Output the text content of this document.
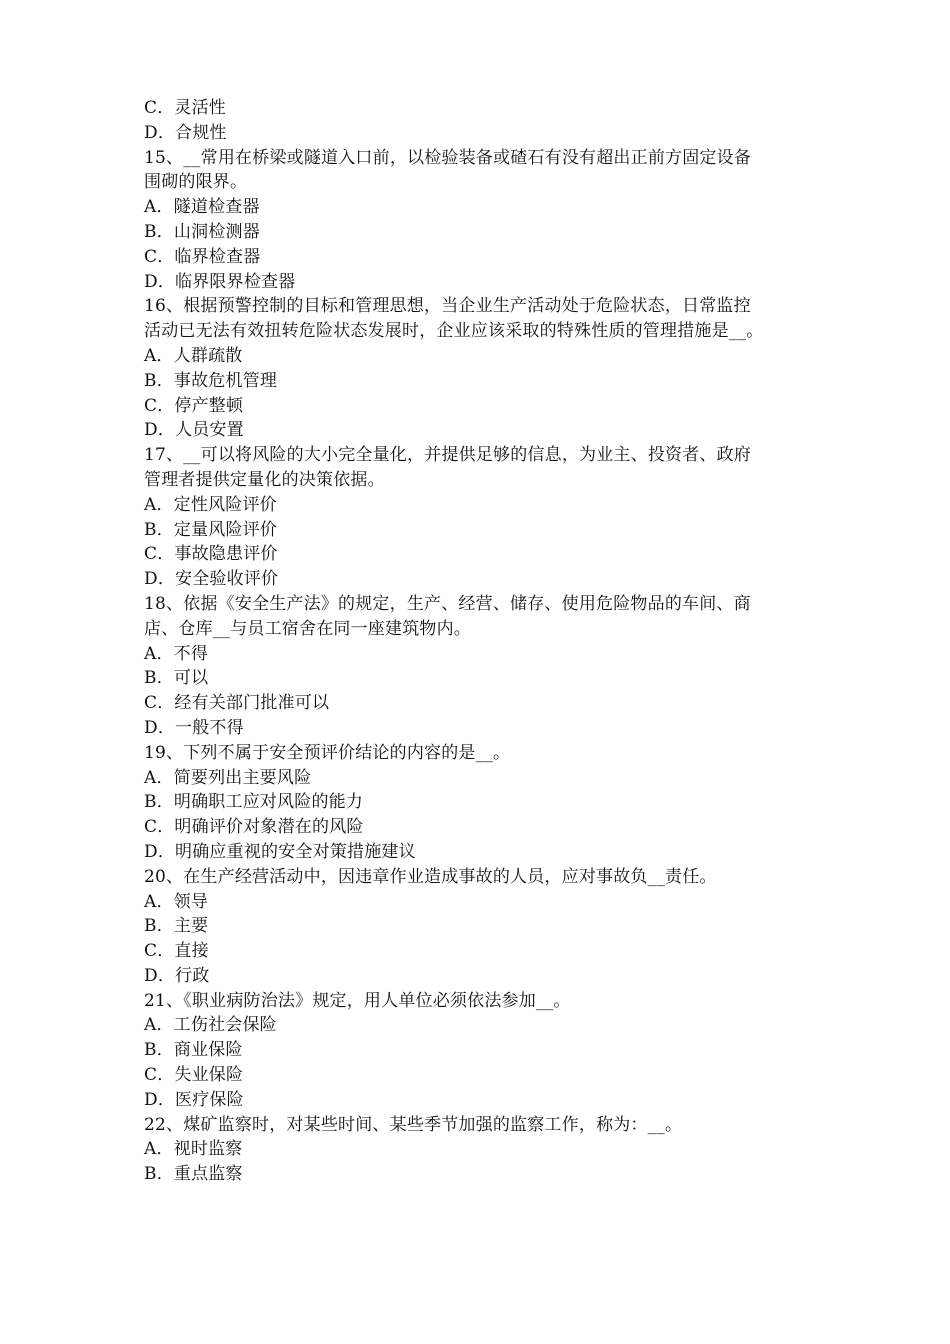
C．灵活性
D．合规性
15、__常用在桥梁或隧道入口前，以检验装备或碴石有没有超出正前方固定设备
围砌的限界。
A．隧道检查器
B．山洞检测器
C．临界检查器
D．临界限界检查器
16、根据预警控制的目标和管理思想，当企业生产活动处于危险状态，日常监控
活动已无法有效扭转危险状态发展时，企业应该采取的特殊性质的管理措施是__。
A．人群疏散
B．事故危机管理
C．停产整顿
D．人员安置
17、__可以将风险的大小完全量化，并提供足够的信息，为业主、投资者、政府
管理者提供定量化的决策依据。
A．定性风险评价
B．定量风险评价
C．事故隐患评价
D．安全验收评价
18、依据《安全生产法》的规定，生产、经营、储存、使用危险物品的车间、商
店、仓库__与员工宿舍在同一座建筑物内。
A．不得
B．可以
C．经有关部门批准可以
D．一般不得
19、下列不属于安全预评价结论的内容的是__。
A．简要列出主要风险
B．明确职工应对风险的能力
C．明确评价对象潜在的风险
D．明确应重视的安全对策措施建议
20、在生产经营活动中，因违章作业造成事故的人员，应对事故负__责任。
A．领导
B．主要
C．直接
D．行政
21、《职业病防治法》规定，用人单位必须依法参加__。
A．工伤社会保险
B．商业保险
C．失业保险
D．医疗保险
22、煤矿监察时，对某些时间、某些季节加强的监察工作，称为：__。
A．视时监察
B．重点监察
